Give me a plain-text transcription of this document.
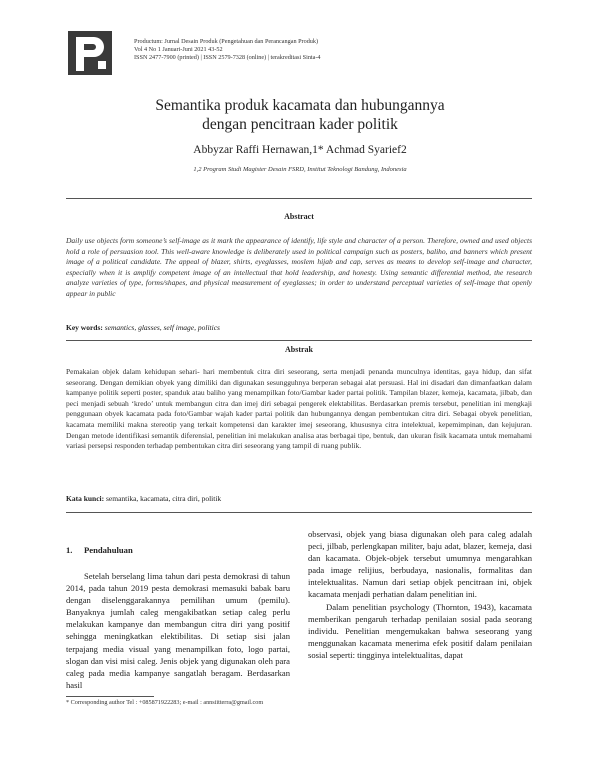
Productum: Jurnal Desain Produk (Pengetahuan dan Perancangan Produk)
Vol 4 No 1 Januari-Juni 2021 43-52
ISSN 2477-7900 (printed) | ISSN 2579-7328 (online) | terakreditasi Sinta-4
Semantika produk kacamata dan hubungannya
dengan pencitraan kader politik
Abbyzar Raffi Hernawan,1* Achmad Syarief2
1,2 Program Studi Magister Desain FSRD, Institut Teknologi Bandung, Indonesia
Abstract
Daily use objects form someone’s self-image as it mark the appearance of identify, life style and character of a person. Therefore, owned and used objects hold a role of persuasion tool. This well-aware knowledge is deliberately used in political campaign such as posters, baliho, and banners which present image of a political candidate. The appeal of blazer, shirts, eyeglasses, moslem hijab and cap, serves as means to develop self-image and character, especially when it is amplify competent image of an intellectual that hold leadership, and honesty. Using semantic differential method, the research analyze varieties of type, forms/shapes, and physical measurement of eyeglasses; in order to understand perceptual varieties of self-image that openly appear in public
Key words: semantics, glasses, self image, politics
Abstrak
Pemakaian objek dalam kehidupan sehari- hari membentuk citra diri seseorang, serta menjadi penanda munculnya identitas, gaya hidup, dan sifat seseorang. Dengan demikian obyek yang dimiliki dan digunakan sesungguhnya berperan sebagai alat persuasi. Hal ini disadari dan dimanfaatkan dalam kampanye politik seperti poster, spanduk atau baliho yang menampilkan foto/Gambar kader partai politik. Tampilan blazer, kemeja, kacamata, jilbab, dan peci menjadi sebuah ‘kredo’ untuk membangun citra dan imej diri sebagai pengerek elektabilitas. Berdasarkan premis tersebut, penelitian ini mengkaji penggunaan obyek kacamata pada foto/Gambar wajah kader partai politik dan hubungannya dengan pembentukan citra diri. Sebagai obyek penelitian, kacamata memiliki makna stereotip yang terkait kompetensi dan karakter imej seseorang, khususnya citra intelektual, kepemimpinan, dan kejujuran. Dengan metode identifikasi semantik diferensial, penelitian ini melakukan analisa atas berbagai tipe, bentuk, dan ukuran fisik kacamata untuk memahami variasi persepsi responden terhadap pembentukan citra diri seseorang yang tampil di ruang publik.
Kata kunci: semantika, kacamata, citra diri, politik
1. Pendahuluan

Setelah berselang lima tahun dari pesta demokrasi di tahun 2014, pada tahun 2019 pesta demokrasi memasuki babak baru dengan diselenggarakannya pemilihan umum (pemilu). Banyaknya jumlah caleg mengakibatkan setiap caleg perlu melakukan kampanye dan membangun citra diri yang positif sehingga meningkatkan elektibilitas. Di setiap sisi jalan terpajang media visual yang menampilkan foto, logo partai, slogan dan visi misi caleg. Jenis objek yang digunakan oleh para caleg pada media kampanye sangatlah beragam. Berdasarkan hasil

observasi, objek yang biasa digunakan oleh para caleg adalah peci, jilbab, perlengkapan militer, baju adat, blazer, kemeja, dasi dan kacamata. Objek-objek tersebut umumnya mengarahkan pada image relijius, berbudaya, nasionalis, formalitas dan intelektualitas. Namun dari setiap objek pencitraan ini, objek kacamata menjadi perhatian dalam penelitian ini.

Dalam penelitian psychology (Thornton, 1943), kacamata memberikan pengaruh terhadap penilaian sosial pada seorang individu. Penelitian mengemukakan bahwa seseorang yang menggunakan kacamata menerima efek positif dalam penilaian sosial seperti: tingginya intelektualitas, dapat

* Corresponding author Tel : +085871922283; e-mail : annsiitterra@gmail.com
